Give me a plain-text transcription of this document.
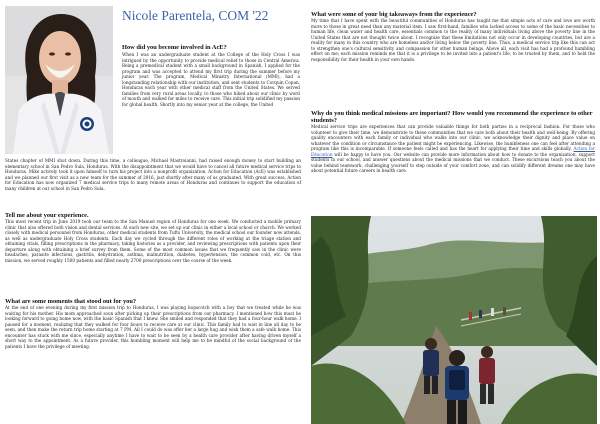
Nicole Parentela, COM '22
How did you become involved in AcE?

When I was an undergraduate student at the College of the Holy Cross I was intrigued by the opportunity to provide medical relief to those in Central America. Being a premedical student with a small background in Spanish, I applied for the program and was accepted to attend my first trip during the summer before my junior year. The program, Medical Ministry International (MMI), had a longstanding relationship with our institution, and sent students to Corquin Copan, Honduras each year with other medical staff from the United States. We served families from very rural areas locally, to those who hiked about our clinic by word of mouth and walked for miles to receive care. This initial trip solidified my passion for global health. Shortly into my senior year at the college, the United

States chapter of MMI shut down. During this time, a colleague, Michael Mastroianni, had raised enough money to start building an elementary school in San Pedro Sula, Honduras. With the disappointment that we would have to cancel all future medical service trips to Honduras, Mike actively took it upon himself to turn his project into a nonprofit organization. Action for Education (AcE) was established and we planned our first visit as a new team for the summer of 2016, just shortly after many of us graduated. With great success, Action for Education has now organized 7 medical service trips to many remote areas of Honduras and continues to support the education of many children at our school in San Pedro Sula.

Tell me about your experience.

This most recent trip in June 2019 took our team to the San Manuel region of Honduras for one week. We conducted a mobile primary clinic that also offered both vision and dental services. At each new site, we set up our clinic in either a local school or church. We worked closely with medical personnel from Honduras, other medical students from Tufts University, the medical school our founder now attends, as well as undergraduate Holy Cross students. Each day we cycled through the different roles of working at the triage station and obtaining vitals, filling prescriptions in the pharmacy, taking histories as a provider, and reviewing prescriptions with patients upon their departure along with obtaining a brief survey from them. Some of the most common issues that we frequently saw in the clinic were headaches, parasite infections, gastritis, dehydration, asthma, malnutrition, diabetes, hypertension, the common cold, etc. On this mission, we served roughly 1500 patients and filled nearly 2700 prescriptions over the course of the week.

What are some moments that stood out for you?

At the end of one evening during my first mission trip to Honduras, I was playing hopscotch with a boy that we treated while he was waiting for his mother. His mom approached soon after picking up their prescriptions from our pharmacy. I mentioned how this must be looking forward to going home now, with the basic Spanish that I knew. She smiled and responded that they had a four-hour walk home. I paused for a moment, realizing that they walked for four hours to receive care at our clinic. This family had to wait in line all day to be seen, and then make the return trip home starting at 7 PM. All I could do was offer her a large hug and wish them a safe walk home. This encounter has stuck with me since, especially anytime I have to wait to be seen by a health care provider after having driven myself a short way to the appointment. As a future provider, this humbling moment will help me to be mindful of the social background of the patients I have the privilege of meeting.

What were some of your big takeaways from the experience?

My time that I have spent with the beautiful communities of Honduras has taught me that simple acts of care and love are worth more to those in great need than any material item. I saw first-hand, families who lacked access to some of the basic necessities to human life, clean water and health care, essentials common to the reality of many individuals living above the poverty line in the United States that are not thought twice about. I recognize that these limitations not only occur in developing countries, but are a reality for many in this country who are homeless and/or living below the poverty line. Thus, a medical service trip like this can act to strengthen one's cultural sensitivity and compassion for other human beings. Above all, each visit has had a profound humbling effect on me; each mission reminds me that it is a privilege to be invited into a patient's life, to be trusted by them, and to hold the responsibility for their health in your own hands.

Why do you think medical missions are important? How would you recommend the experience to other students?

Medical service trips are experiences that can provide valuable things for both parties in a reciprocal fashion. For those who volunteer to give their time, we demonstrate to these communities that we care both about their health and well-being. By offering quality encounters with each family or individual who walks into our clinic, we acknowledge their dignity and place value on whatever the condition or circumstance the patient might be experiencing. Likewise, the humbleness one can feel after attending a program like this is incomparable. If someone feels called and has the heart for applying their time and skills globally, Action for Education will be happy to have you. Our website can provide more information about how to donate to the organization, support students in our school, and answer questions about the medical missions that we conduct. These excursions teach you about the value behind teamwork, challenging yourself to step outside of your comfort zone, and can solidify different dreams one may have about potential future careers in health care.
